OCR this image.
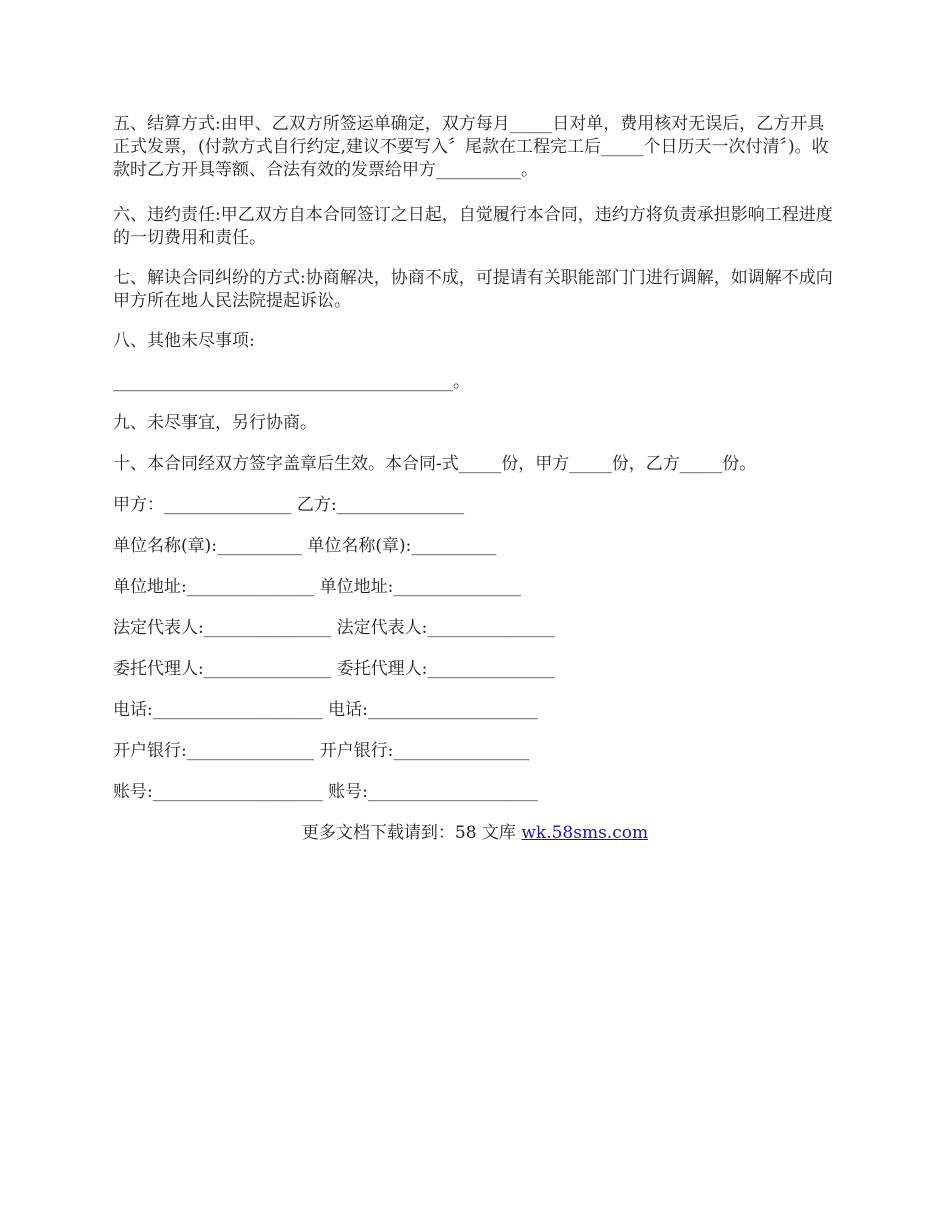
五、结算方式:由甲、乙双方所签运单确定，双方每月_____日对单，费用核对无误后，乙方开具正式发票，(付款方式自行约定,建议不要写入〞尾款在工程完工后_____个日历天一次付清〞)。收款时乙方开具等额、合法有效的发票给甲方__________。

六、违约责任:甲乙双方自本合同签订之日起，自觉履行本合同，违约方将负责承担影响工程进度的一切费用和责任。

七、解诀合同纠纷的方式:协商解决，协商不成，可提请有关职能部门门进行调解，如调解不成向甲方所在地人民法院提起诉讼。

八、其他未尽事项:

________________________________________。

九、未尽事宜，另行协商。

十、本合同经双方签字盖章后生效。本合同-式_____份，甲方_____份，乙方_____份。

甲方：_______________ 乙方:_______________

单位名称(章):__________ 单位名称(章):__________

单位地址:_______________ 单位地址:_______________

法定代表人:_______________ 法定代表人:_______________

委托代理人:_______________ 委托代理人:_______________

电话:____________________ 电话:____________________

开户银行:_______________ 开户银行:________________

账号:____________________ 账号:____________________

更多文档下载请到：58 文库 wk.58sms.com
